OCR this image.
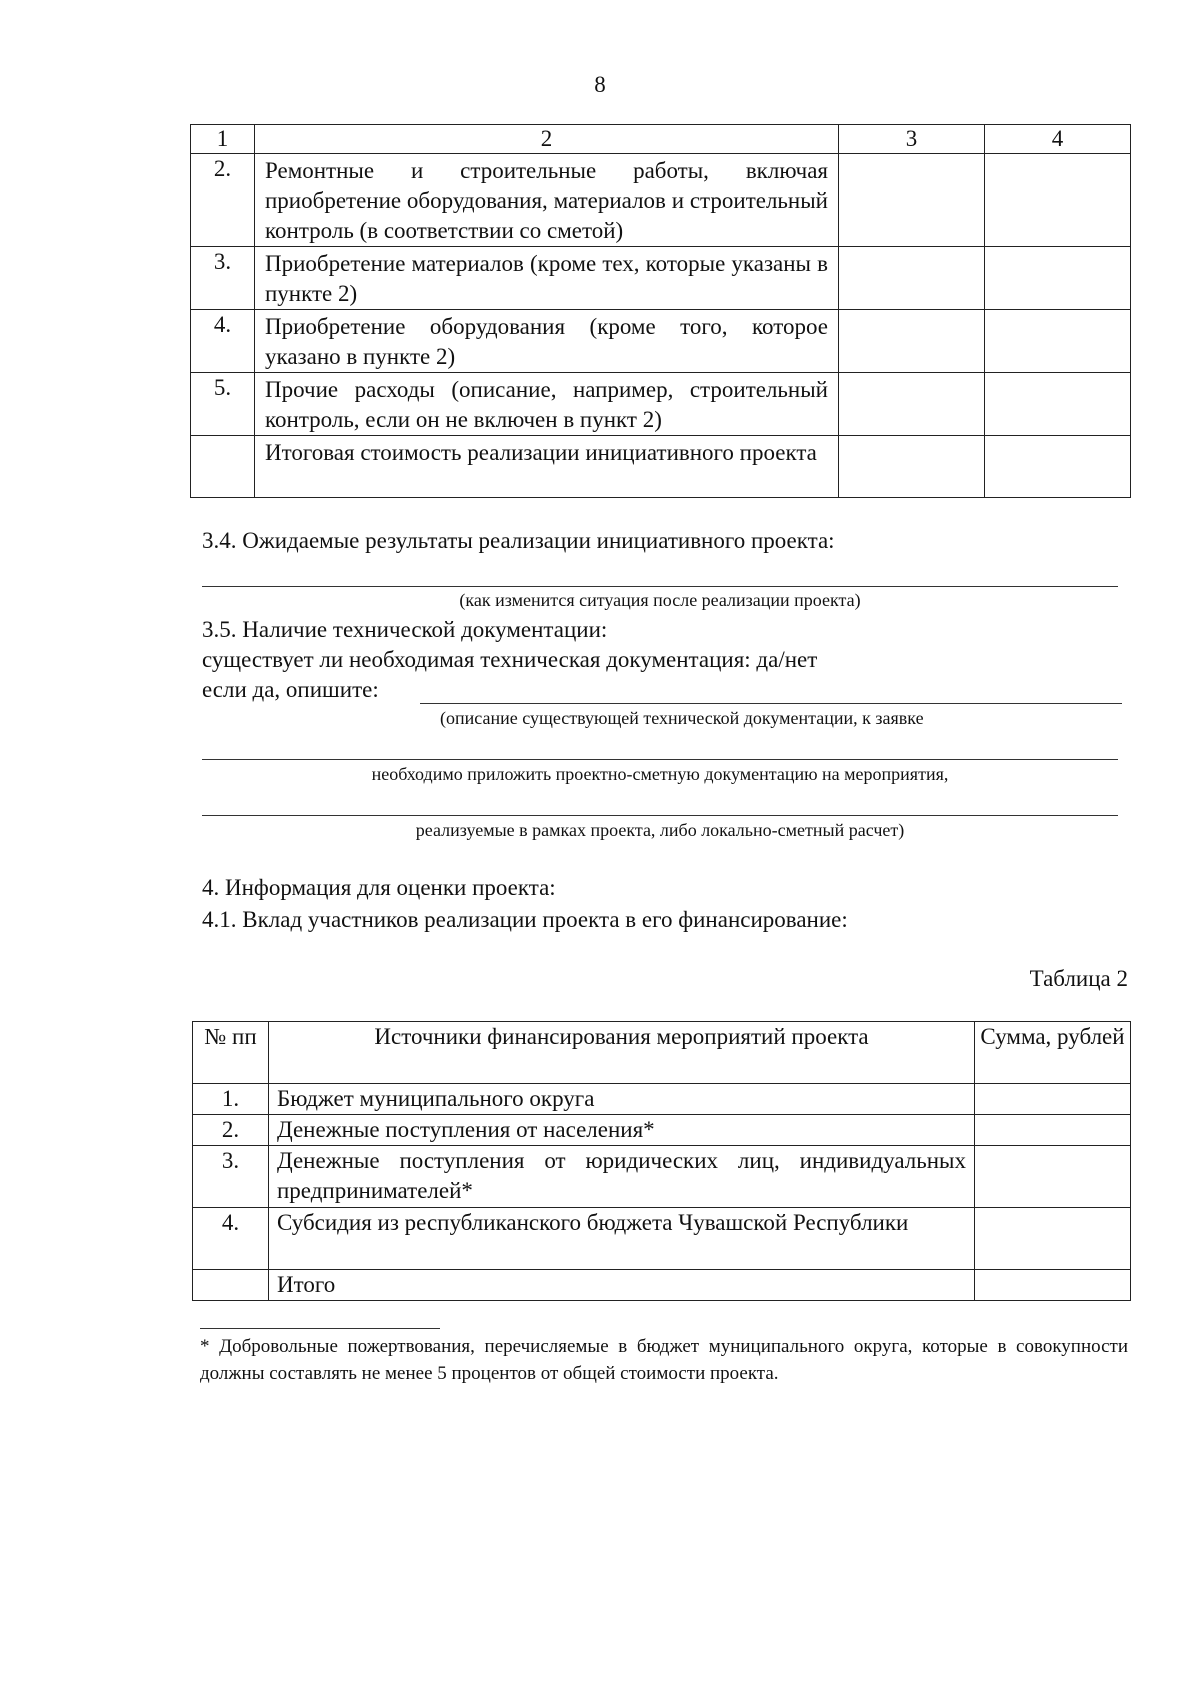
8
1	2	3	4
2.	Ремонтные и строительные работы, включая приобретение оборудования, материалов и строительный контроль (в соответствии со сметой)		
3.	Приобретение материалов (кроме тех, которые указаны в пункте 2)		
4.	Приобретение оборудования (кроме того, которое указано в пункте 2)		
5.	Прочие расходы (описание, например, строительный контроль, если он не включен в пункт 2)		
	Итоговая стоимость реализации инициативного проекта		
3.4. Ожидаемые результаты реализации инициативного проекта:
(как изменится ситуация после реализации проекта)
3.5. Наличие технической документации:
существует ли необходимая техническая документация: да/нет
если да, опишите:
(описание существующей технической документации, к заявке
необходимо приложить проектно-сметную документацию на мероприятия,
реализуемые в рамках проекта, либо локально-сметный расчет)
4. Информация для оценки проекта:
4.1. Вклад участников реализации проекта в его финансирование:
Таблица 2
№ пп	Источники финансирования мероприятий проекта	Сумма, рублей
1.	Бюджет муниципального округа	
2.	Денежные поступления от населения*	
3.	Денежные поступления от юридических лиц, индивидуальных предпринимателей*	
4.	Субсидия из республиканского бюджета Чувашской Республики	
	Итого	
* Добровольные пожертвования, перечисляемые в бюджет муниципального округа, которые в совокупности должны составлять не менее 5 процентов от общей стоимости проекта.
